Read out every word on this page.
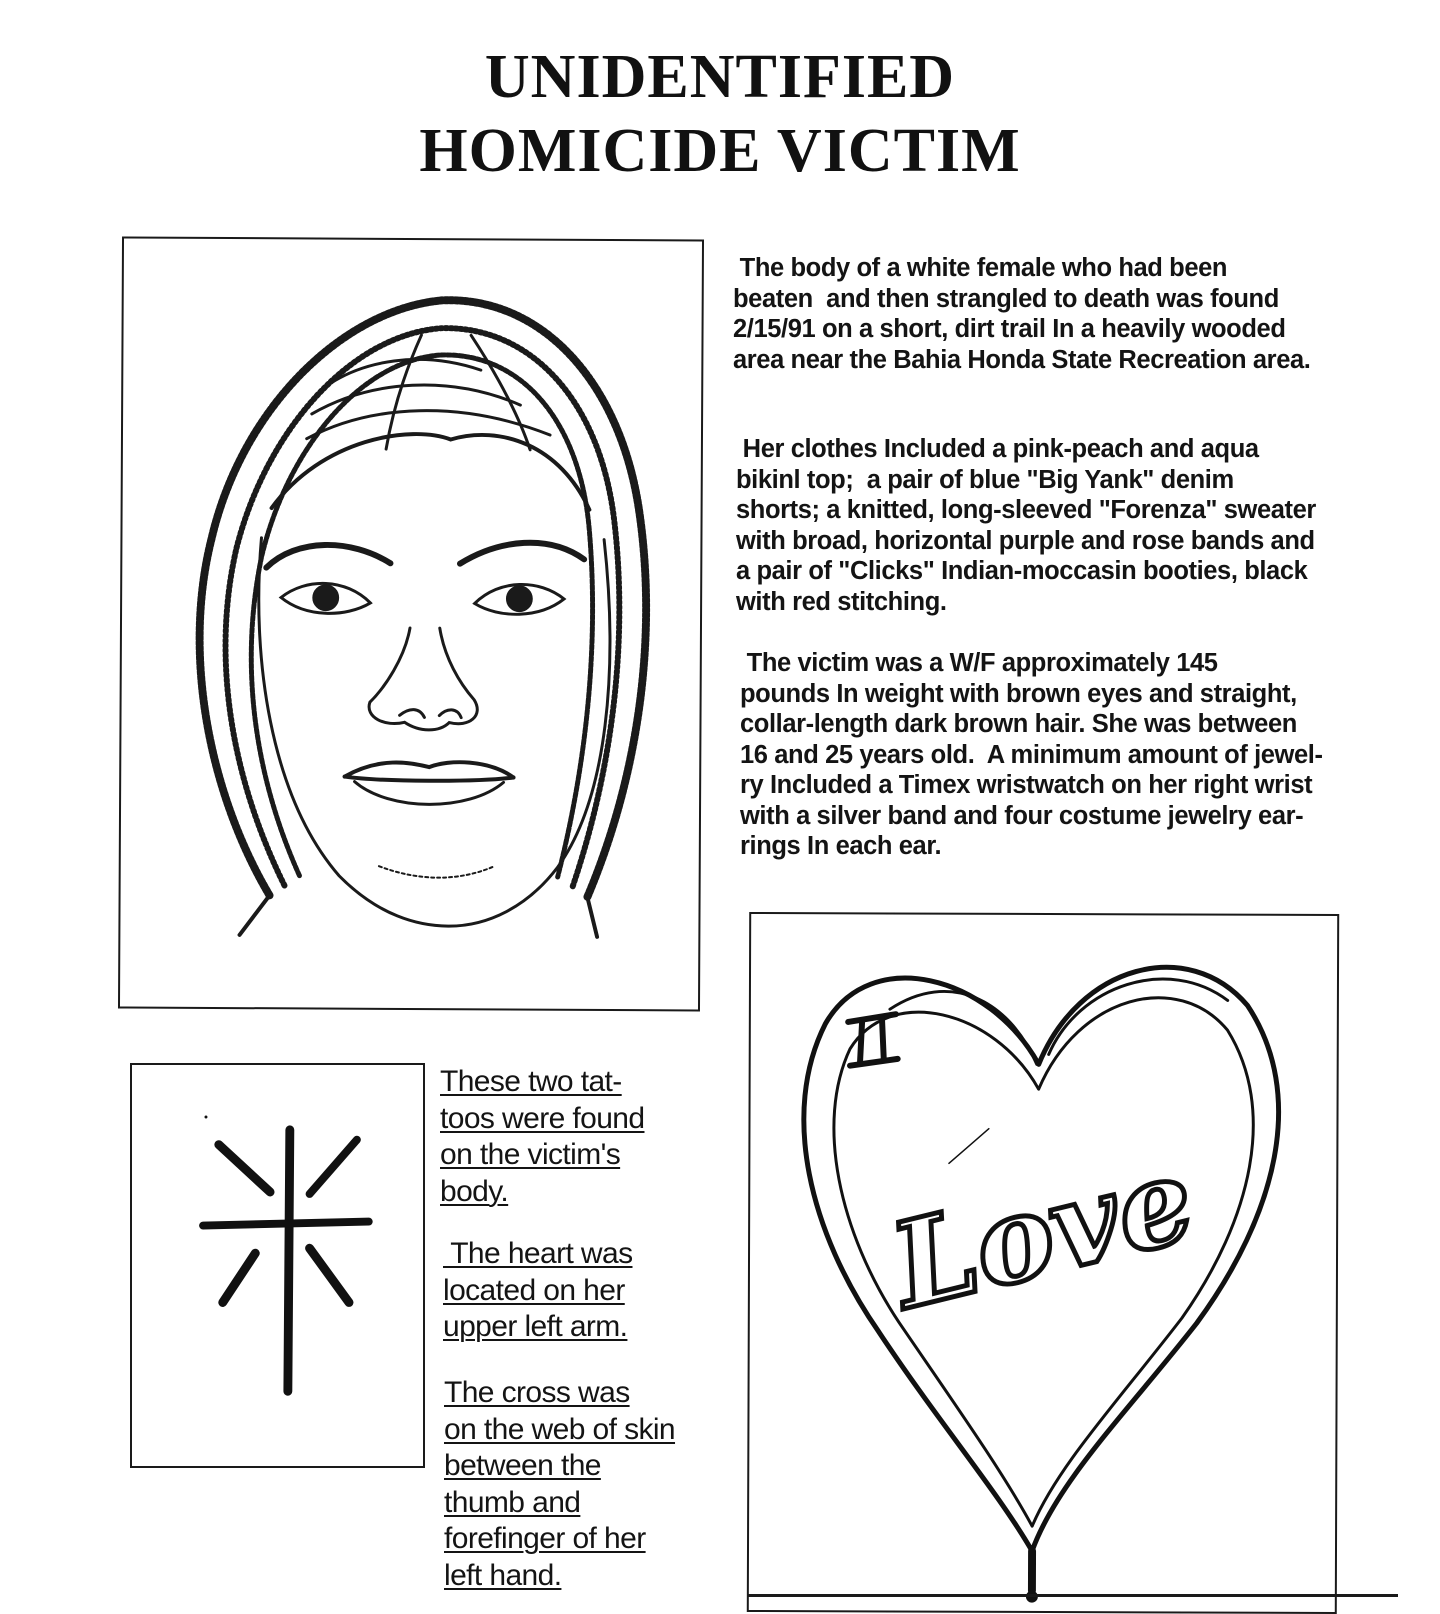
UNIDENTIFIED
HOMICIDE VICTIM
The body of a white female who had been
beaten  and then strangled to death was found
2/15/91 on a short, dirt trail In a heavily wooded
area near the Bahia Honda State Recreation area.
Her clothes Included a pink-peach and aqua
bikinl top;  a pair of blue "Big Yank" denim
shorts; a knitted, long-sleeved "Forenza" sweater
with broad, horizontal purple and rose bands and
a pair of "Clicks" Indian-moccasin booties, black
with red stitching.
The victim was a W/F approximately 145
pounds In weight with brown eyes and straight,
collar-length dark brown hair. She was between
16 and 25 years old.  A minimum amount of jewel-
ry Included a Timex wristwatch on her right wrist
with a silver band and four costume jewelry ear-
rings In each ear.
These two tat-
toos were found
on the victim's
body.
The heart was
located on her
upper left arm.
The cross was
on the web of skin
between the
thumb and
forefinger of her
left hand.
Love
